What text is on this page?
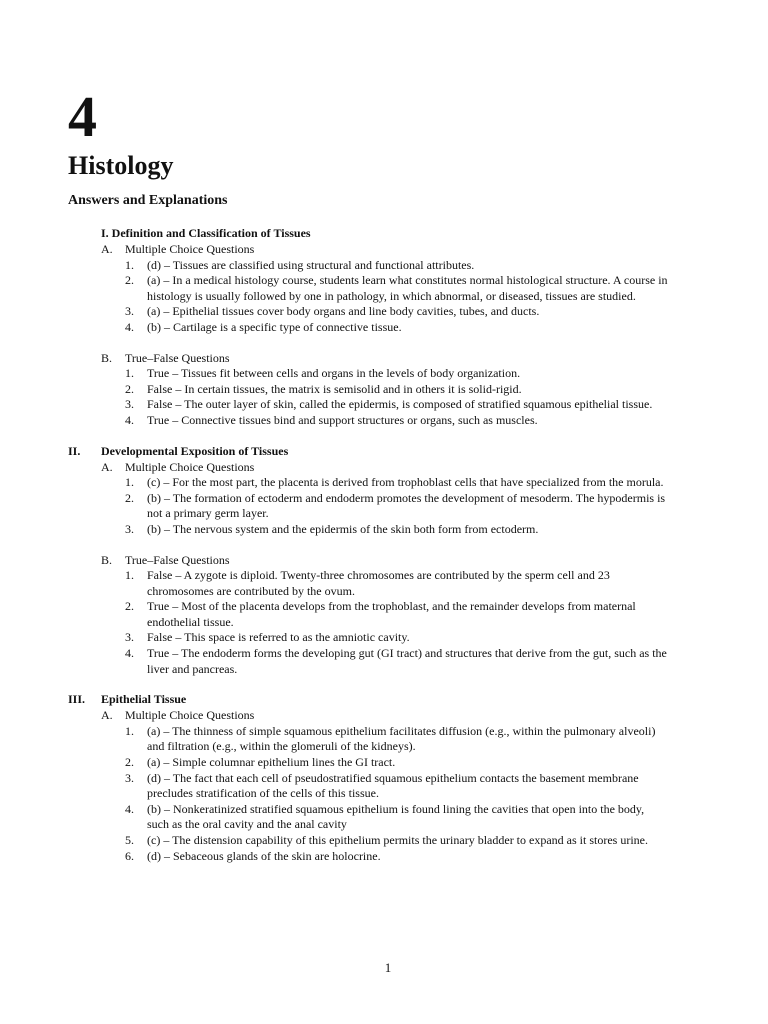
4
Histology
Answers and Explanations
I. Definition and Classification of Tissues
A. Multiple Choice Questions
1. (d) – Tissues are classified using structural and functional attributes.
2. (a) – In a medical histology course, students learn what constitutes normal histological structure. A course in histology is usually followed by one in pathology, in which abnormal, or diseased, tissues are studied.
3. (a) – Epithelial tissues cover body organs and line body cavities, tubes, and ducts.
4. (b) – Cartilage is a specific type of connective tissue.
B. True–False Questions
1. True – Tissues fit between cells and organs in the levels of body organization.
2. False – In certain tissues, the matrix is semisolid and in others it is solid-rigid.
3. False – The outer layer of skin, called the epidermis, is composed of stratified squamous epithelial tissue.
4. True – Connective tissues bind and support structures or organs, such as muscles.
II. Developmental Exposition of Tissues
A. Multiple Choice Questions
1. (c) – For the most part, the placenta is derived from trophoblast cells that have specialized from the morula.
2. (b) – The formation of ectoderm and endoderm promotes the development of mesoderm. The hypodermis is not a primary germ layer.
3. (b) – The nervous system and the epidermis of the skin both form from ectoderm.
B. True–False Questions
1. False – A zygote is diploid. Twenty-three chromosomes are contributed by the sperm cell and 23 chromosomes are contributed by the ovum.
2. True – Most of the placenta develops from the trophoblast, and the remainder develops from maternal endothelial tissue.
3. False – This space is referred to as the amniotic cavity.
4. True – The endoderm forms the developing gut (GI tract) and structures that derive from the gut, such as the liver and pancreas.
III. Epithelial Tissue
A. Multiple Choice Questions
1. (a) – The thinness of simple squamous epithelium facilitates diffusion (e.g., within the pulmonary alveoli) and filtration (e.g., within the glomeruli of the kidneys).
2. (a) – Simple columnar epithelium lines the GI tract.
3. (d) – The fact that each cell of pseudostratified squamous epithelium contacts the basement membrane precludes stratification of the cells of this tissue.
4. (b) – Nonkeratinized stratified squamous epithelium is found lining the cavities that open into the body, such as the oral cavity and the anal cavity
5. (c) – The distension capability of this epithelium permits the urinary bladder to expand as it stores urine.
6. (d) – Sebaceous glands of the skin are holocrine.
1
